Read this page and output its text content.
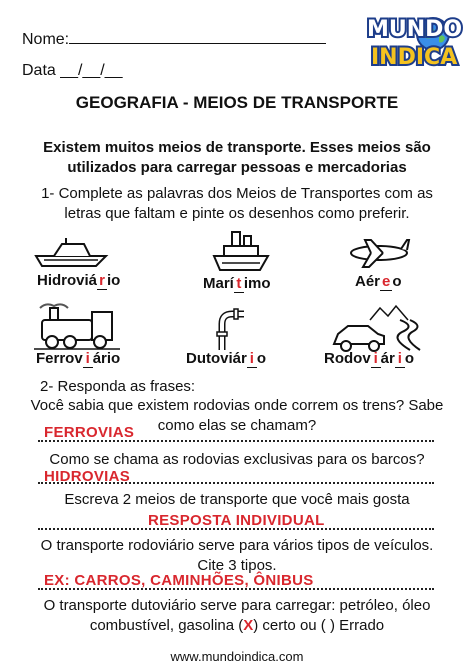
Nome:
Data __/__/__
MUNDO
INDICA
GEOGRAFIA - MEIOS DE TRANSPORTE
Existem muitos meios de transporte. Esses meios são
utilizados para carregar pessoas e mercadorias
1- Complete as palavras dos Meios de Transportes com as
letras que faltam e pinte os desenhos como preferir.
Hidroviá r io	Marí t imo	Aér e o
Ferrov i ário	Dutoviár i o	Rodov i ár i o
2- Responda as frases:
Você sabia que existem rodovias onde correm os trens? Sabe
como elas se chamam?
FERROVIAS
Como se chama as rodovias exclusivas para os barcos?
HIDROVIAS
Escreva 2 meios de transporte que você mais gosta
RESPOSTA INDIVIDUAL
O transporte rodoviário serve para vários tipos de veículos.
Cite 3 tipos.
EX: CARROS, CAMINHÕES, ÔNIBUS
O transporte dutoviário serve para carregar: petróleo, óleo
combustível, gasolina (X) certo ou ( ) Errado
www.mundoindica.com
